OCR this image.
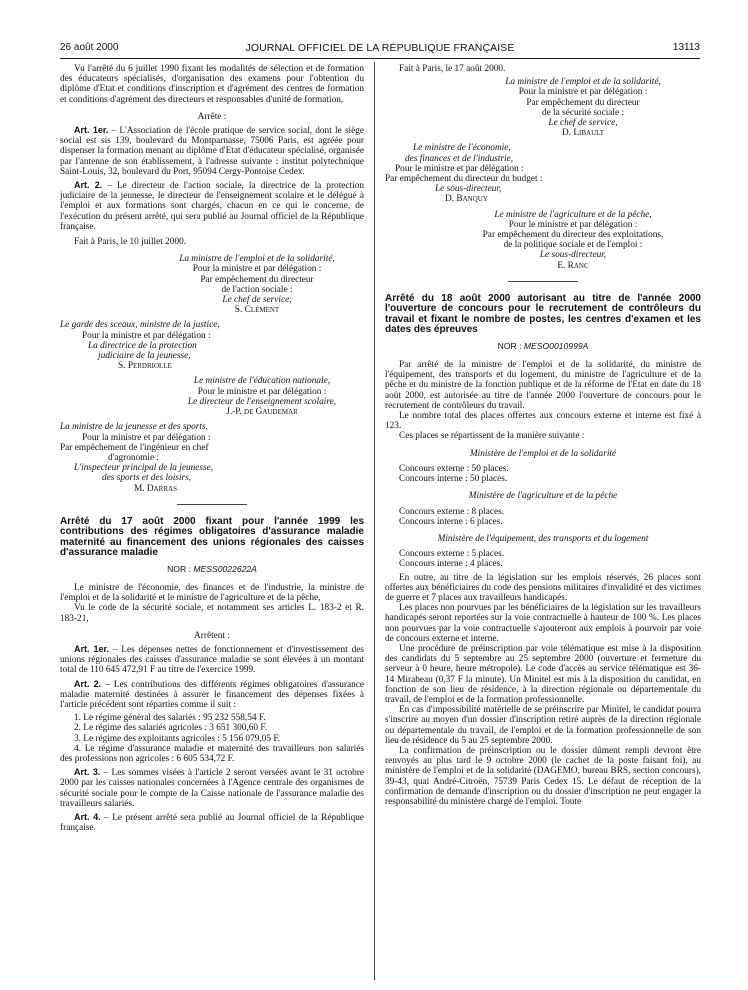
26 août 2000	JOURNAL OFFICIEL DE LA RÉPUBLIQUE FRANÇAISE	13113

Vu l'arrêté du 6 juillet 1990 fixant les modalités de sélection et de formation des éducateurs spécialisés, d'organisation des examens pour l'obtention du diplôme d'Etat et conditions d'inscription et d'agrément des centres de formation et conditions d'agrément des directeurs et responsables d'unité de formation,

Arrête :

Art. 1er. – L'Association de l'école pratique de service social, dont le siège social est sis 139, boulevard du Montparnasse, 75006 Paris, est agréée pour dispenser la formation menant au diplôme d'Etat d'éducateur spécialisé, organisée par l'antenne de son établissement, à l'adresse suivante : institut polytechnique Saint-Louis, 32, boulevard du Port, 95094 Cergy-Pontoise Cedex.

Art. 2. – Le directeur de l'action sociale, la directrice de la protection judiciaire de la jeunesse, le directeur de l'enseignement scolaire et le délégué à l'emploi et aux formations sont chargés, chacun en ce qui le concerne, de l'exécution du présent arrêté, qui sera publié au Journal officiel de la République française.

Fait à Paris, le 10 juillet 2000.

La ministre de l'emploi et de la solidarité,

Pour la ministre et par délégation :

Par empêchement du directeur

de l'action sociale :

Le chef de service,

S. Clément

Le garde des sceaux, ministre de la justice,

Pour la ministre et par délégation :

La directrice de la protection

judiciaire de la jeunesse,

S. Perdriolle

Le ministre de l'éducation nationale,

Pour le ministre et par délégation :

Le directeur de l'enseignement scolaire,

J.-P. de Gaudemar

La ministre de la jeunesse et des sports,

Pour la ministre et par délégation :

Par empêchement de l'ingénieur en chef

d'agronomie :

L'inspecteur principal de la jeunesse,

des sports et des loisirs,

M. Darras

Arrêté du 17 août 2000 fixant pour l'année 1999 les contributions des régimes obligatoires d'assurance maladie maternité au financement des unions régionales des caisses d'assurance maladie

NOR : MESS0022622A

Le ministre de l'économie, des finances et de l'industrie, la ministre de l'emploi et de la solidarité et le ministre de l'agriculture et de la pêche,

Vu le code de la sécurité sociale, et notamment ses articles L. 183-2 et R. 183-21,

Arrêtent :

Art. 1er. – Les dépenses nettes de fonctionnement et d'investissement des unions régionales des caisses d'assurance maladie se sont élevées à un montant total de 110 645 472,91 F au titre de l'exercice 1999.

Art. 2. – Les contributions des différents régimes obligatoires d'assurance maladie maternité destinées à assurer le financement des dépenses fixées à l'article précédent sont réparties comme il suit :

1. Le régime général des salariés : 95 232 558,54 F.

2. Le régime des salariés agricoles : 3 651 300,60 F.

3. Le régime des exploitants agricoles : 5 156 079,05 F.

4. Le régime d'assurance maladie et maternité des travailleurs non salariés des professions non agricoles : 6 605 534,72 F.

Art. 3. – Les sommes visées à l'article 2 seront versées avant le 31 octobre 2000 par les caisses nationales concernées à l'Agence centrale des organismes de sécurité sociale pour le compte de la Caisse nationale de l'assurance maladie des travailleurs salariés.

Art. 4. – Le présent arrêté sera publié au Journal officiel de la République française.

Fait à Paris, le 17 août 2000.

La ministre de l'emploi et de la solidarité,

Pour la ministre et par délégation :

Par empêchement du directeur

de la sécurité sociale :

Le chef de service,

D. Libault

Le ministre de l'économie,

des finances et de l'industrie,

Pour le ministre et par délégation :

Par empêchement du directeur du budget :

Le sous-directeur,

D. Banquy

Le ministre de l'agriculture et de la pêche,

Pour le ministre et par délégation :

Par empêchement du directeur des exploitations,

de la politique sociale et de l'emploi :

Le sous-directeur,

E. Ranc

Arrêté du 18 août 2000 autorisant au titre de l'année 2000 l'ouverture de concours pour le recrutement de contrôleurs du travail et fixant le nombre de postes, les centres d'examen et les dates des épreuves

NOR : MESO0010999A

Par arrêté de la ministre de l'emploi et de la solidarité, du ministre de l'équipement, des transports et du logement, du ministre de l'agriculture et de la pêche et du ministre de la fonction publique et de la réforme de l'Etat en date du 18 août 2000, est autorisée au titre de l'année 2000 l'ouverture de concours pour le recrutement de contrôleurs du travail.

Le nombre total des places offertes aux concours externe et interne est fixé à 123.

Ces places se répartissent de la manière suivante :

Ministère de l'emploi et de la solidarité

Concours externe : 50 places.

Concours interne : 50 places.

Ministère de l'agriculture et de la pêche

Concours externe : 8 places.

Concours interne : 6 places.

Ministère de l'équipement, des transports et du logement

Concours externe : 5 places.

Concours interne : 4 places.

En outre, au titre de la législation sur les emplois réservés, 26 places sont offertes aux bénéficiaires du code des pensions militaires d'invalidité et des victimes de guerre et 7 places aux travailleurs handicapés.

Les places non pourvues par les bénéficiaires de la législation sur les travailleurs handicapés seront reportées sur la voie contractuelle à hauteur de 100 %. Les places non pourvues par la voie contractuelle s'ajouteront aux emplois à pourvoir par voie de concours externe et interne.

Une procédure de préinscription par voie télématique est mise à la disposition des candidats du 5 septembre au 25 septembre 2000 (ouverture et fermeture du serveur à 0 heure, heure métropole). Le code d'accès au service télématique est 36-14 Mirabeau (0,37 F la minute). Un Minitel est mis à la disposition du candidat, en fonction de son lieu de résidence, à la direction régionale ou départementale du travail, de l'emploi et de la formation professionnelle.

En cas d'impossibilité matérielle de se préinscrire par Minitel, le candidat pourra s'inscrire au moyen d'un dossier d'inscription retiré auprès de la direction régionale ou départementale du travail, de l'emploi et de la formation professionnelle de son lieu de résidence du 5 au 25 septembre 2000.

La confirmation de préinscription ou le dossier dûment rempli devront être renvoyés au plus tard le 9 octobre 2000 (le cachet de la poste faisant foi), au ministère de l'emploi et de la solidarité (DAGEMO, bureau BRS, section concours), 39-43, quai André-Citroën, 75739 Paris Cedex 15. Le défaut de réception de la confirmation de demande d'inscription ou du dossier d'inscription ne peut engager la responsabilité du ministère chargé de l'emploi. Toute
